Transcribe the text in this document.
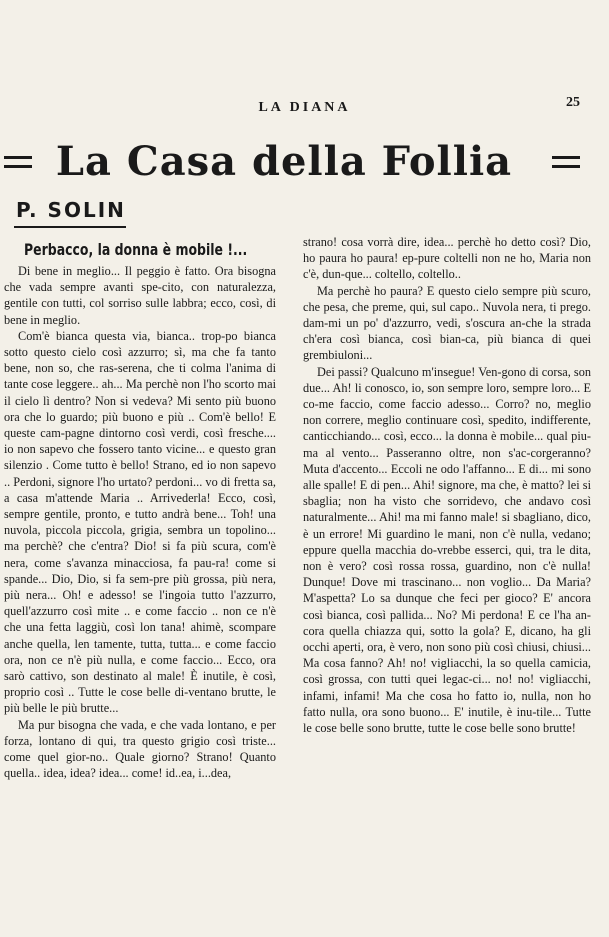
LA DIANA	25
La Casa della Follia
P. SOLIN
Perbacco, la donna è mobile !...

Di bene in meglio... Il peggio è fatto. Ora bisogna che vada sempre avanti spe-cito, con naturalezza, gentile con tutti, col sorriso sulle labbra; ecco, così, di bene in meglio.

Com'è bianca questa via, bianca.. trop-po bianca sotto questo cielo così azzurro; sì, ma che fa tanto bene, non so, che ras-serena, che ti colma l'anima di tante cose leggere.. ah... Ma perchè non l'ho scorto mai il cielo lì dentro? Non si vedeva? Mi sento più buono ora che lo guardo; più buono e più .. Com'è bello! E queste cam-pagne dintorno così verdi, così fresche.... io non sapevo che fossero tanto vicine... e questo gran silenzio . Come tutto è bello! Strano, ed io non sapevo .. Perdoni, signore l'ho urtato? perdoni... vo di fretta sa, a casa m'attende Maria .. Arrivederla! Ecco, così, sempre gentile, pronto, e tutto andrà bene... Toh! una nuvola, piccola piccola, grigia, sembra un topolino... ma perchè? che c'entra? Dio! si fa più scura, com'è nera, come s'avanza minacciosa, fa pau-ra! come si spande... Dio, Dio, si fa sem-pre più grossa, più nera, più nera... Oh! e adesso! se l'ingoia tutto l'azzurro, quell'azzurro così mite .. e come faccio .. non ce n'è che una fetta laggiù, così lon tana! ahimè, scompare anche quella, len tamente, tutta, tutta... e come faccio ora, non ce n'è più nulla, e come faccio... Ecco, ora sarò cattivo, son destinato al male! È inutile, è così, proprio così .. Tutte le cose belle di-ventano brutte, le più belle le più brutte...

Ma pur bisogna che vada, e che vada lontano, e per forza, lontano di qui, tra questo grigio così triste... come quel gior-no.. Quale giorno? Strano! Quanto quella.. idea, idea? idea... come! id..ea, i...dea,

strano! cosa vorrà dire, idea... perchè ho detto così? Dio, ho paura ho paura! ep-pure coltelli non ne ho, Maria non c'è, dun-que... coltello, coltello..

Ma perchè ho paura? E questo cielo sempre più scuro, che pesa, che preme, qui, sul capo.. Nuvola nera, ti prego. dam-mi un po' d'azzurro, vedi, s'oscura an-che la strada ch'era così bianca, così bian-ca, più bianca di quei grembiuloni...

Dei passi? Qualcuno m'insegue! Ven-gono di corsa, son due... Ah! li conosco, io, son sempre loro, sempre loro... E co-me faccio, come faccio adesso... Corro? no, meglio non correre, meglio continuare così, spedito, indifferente, canticchiando... così, ecco... la donna è mobile... qual piu-ma al vento... Passeranno oltre, non s'ac-corgeranno? Muta d'accento... Eccoli ne odo l'affanno... E di... mi sono alle spalle! E di pen... Ahi! signore, ma che, è matto? lei si sbaglia; non ha visto che sorridevo, che andavo così naturalmente... Ahi! ma mi fanno male! si sbagliano, dico, è un errore! Mi guardino le mani, non c'è nulla, vedano; eppure quella macchia do-vrebbe esserci, qui, tra le dita, non è vero? così rossa rossa, guardino, non c'è nulla! Dunque! Dove mi trascinano... non voglio... Da Maria? M'aspetta? Lo sa dunque che feci per gioco? E' ancora così bianca, così pallida... No? Mi perdona! E ce l'ha an-cora quella chiazza qui, sotto la gola? E, dicano, ha gli occhi aperti, ora, è vero, non sono più così chiusi, chiusi... Ma cosa fanno? Ah! no! vigliacchi, la so quella camicia, così grossa, con tutti quei legac-ci... no! no! vigliacchi, infami, infami! Ma che cosa ho fatto io, nulla, non ho fatto nulla, ora sono buono... E' inutile, è inu-tile... Tutte le cose belle sono brutte, tutte le cose belle sono brutte!
